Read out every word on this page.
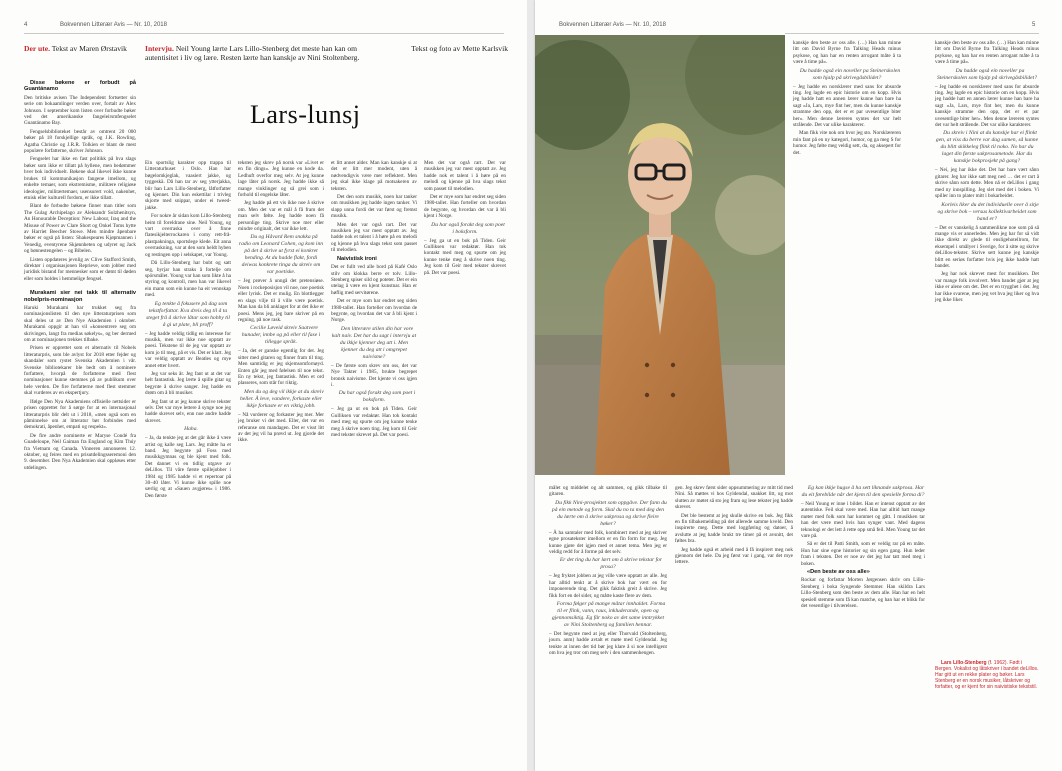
4	Bokvennen Litterær Avis — Nr. 10, 2018
Der ute. Tekst av Maren Ørstavik	Intervju. Neil Young lærte Lars Lillo-Stenberg det meste han kan om autentisitet i liv og lære. Resten lærte han kanskje av Nini Stoltenberg.
Tekst og foto av Mette Karlsvik
Lars-lunsj

Disse bøkene er forbudt på Guantánamo

Den britiske avisen The Independent fortsetter sin serie om bokaamlinger verden over, fortalt av Alex Johnson. I september kom listen over forbudte bøker ved det amerikanske fangeleirsmfengselet Guantánamo Bay.

Fengselsbiblioteket består av omtrent 20 000 bøker på 18 forskjellige språk, og J.K. Rowling, Agatha Christie og J.R.R. Tolkien er blant de mest populære forfatterne, skriver Johnson.

Fengselet har ikke en fast politikk på hva slags bøker som ikke er tillatt på hyllene, men bedømmer hver bok individuelt. Bøkene skal likevel ikke kunne brukes til kommunikasjon fangene imellom, og enkelte temaer, som ekstremisme, militære religiøse ideologier, militærtemaer, usensurert vold, nakenhet, etnisk eller kulturell fordom, er ikke tillatt.

Blant de forbudte bøkene finner man titler som The Gulag Archipelago av Aleksandr Solzhenitsyn, An Honourable Deception: New Labour, Iraq and the Misuse of Power av Clare Short og Onkel Toms hytte av Harriet Beecher Stowe. Men mindre åpenbare bøker er også på listen: Shakespeares Kjøpmannen i Venedig, eventyrene Skjønnheten og udyret og Jack og bønnestengelen – og Bibelen.

Listen oppdateres jevnlig av Clive Stafford Smith, direktør i organisasjonen Reprieve, som jobber med juridisk bistand for mennesker som er dømt til døden eller som holdes i hemmelige fengsel.

Murakami sier nei takk til alternativ nobelpris-nominasjon

Haruki Murakami har trukket seg fra nominasjonslisten til den nye litteraturprisen som skal deles ut av Den Nye Akademien i oktober. Murakami oppgir at han vil «konsentrere seg om skrivingen, langt fra medias søkelys», og ber dermed om at nominasjonen trekkes tilbake.

Prisen er opprettet som et alternativ til Nobels litteraturpris, som ble avlyst for 2018 etter fejder og skandaler som rystet Svenska Akademien i vår. Svenske bibliotekarer ble bedt om å nominere forfattere, hvorpå de forfatterne med flest nominasjoner kunne stemmes på av publikum over hele verden. De fire forfatterne med flest stemmer skal vurderes av en ekspertjury.

Ifølge Den Nya Akademiens offisielle nettsider er prisen opprettet for å sørge for at en internasjonal litteraturpris blir delt ut i 2018, «men også som en påminnelse om at litteratur bør forbindes med demokrati, åpenhet, empati og respekt».

De fire andre nominerte er Maryse Condé fra Guadeloupe, Neil Gaiman fra England og Kim Thúy fra Vietnam og Canada. Vinneren annonseres 12. oktober, og feires med en prisutdelingsseremoni den 9. desember. Den Nya Akademien skal oppløses etter utdelingen.

Ein sportslig karakter opp trappa til Litteraturhuset i Oslo. Han har bøgelomkjeglak, vaasiert jakke, og tyggeskä. Då han tar av seg ytterjakka, blir han Lars Lillo-Stenberg, låtforfatter og kjennet. Din kun eskettilar i trivleg skjorte med snippar, under ei tweed-jakke.

For nokre år sidan kom Lillo-Stenberg heim til foreldrane sine. Neil Young, og vart overraska over å finne flatesikjelterrockaren i comy rett-frå-plastpakninga, sportslege klede. Eit anna overraskning, var at den som heldt hyben og restingen opp i selskapet, var Young.

Då Lillo-Stenberg har bubt og satt seg, byrjar han straks å fortelje om spörsmålet. Young var han som likte å ha styring og kontroll, men han var likevel ein mann som ein kunne ha eit vennskap med.

Eg tenkte å fokusere på dag som tekstforfattar. Kva dreis deg til å ta steget frå å skrive låtar som hobby til å gi ut plate, bli proff?

– Jeg hadde veldig tidlig en interesse for musikk, men var ikke noe opptatt av poesi. Tekstene til de jeg var opptatt av kom jo til meg, på et vis. Det er klart. Jeg var veldig opptatt av Beatles og mye annet etter hvert.

Jeg var seks år. Jeg fant ut at det var helt fantastisk. Jeg lærte å spille gitar og begynte å skrive sanger. Jeg hadde en drøm om å bli musiker.

Jeg fant ut at jeg kunne skrive tekster selv. Det var mye lettere å synge noe jeg hadde skrevet selv, enn noe andre hadde skrevet.

Haha.

– Ja, da tenkte jeg at det går ikke å være artist og kalle seg Lars. Jeg måtte ha et band. Jeg begynte på Foss med musikkgymnas og ble kjent med folk. Det dannet vi en tidlig utgave av deLillos. Til våre første spillejobber i 1984 og 1985 hadde vi et repertoar på 30–40 låter. Vi kunne ikke spille noe særlig og at «Sauen avgjøres» i 1986. Den første

teksten jeg skrev på norsk var «Livet er en fin dings». Jeg kunne en kode da. Ledhuft overfor meg selv. At jeg kunne lage låter på norsk. Jeg hadde ikke så mange vinklinger og så grei som i forhold til engelske låter.

Jeg hadde på ett vis ikke noe å skrive om. Men det var et mål å få fram det man selv følte. Jeg hadde noen få personlige ting. Skrive noe mer eller mindre originalt, det var ikke lett.

Du og Håvard Rem snakka på radio om Leonard Cohen, og kom inn på det å skrive ut fyrst ei konkret hending. At du hadde flakt, fordi deiwas konkrete tinga du skreiv om var poetiske.

– Jeg prøver å unngå det pretensiøse. Noen i rockeposisjon vil noe, noe poetisk eller lyrisk. Det er mulig. En blottlegger en slags vilje til å ville være poetisk. Man kan da bli anklaget for at det ikke er poesi. Mens jeg, jeg bare skriver på en regning, på noe rask.

Cecilie Løveid skreiv Saatvere hunader, innbe og på eller til fase i tillegge språk.

– Ja, det er ganske egentlig for det. Jeg sitter med gitaren og finner fram til ting. Men samtidig er jeg skjemsomfornøyd. Enten går jeg med følelsen til noe tekst. En ny tekst, jeg fantastisk. Men et ord plasseres, som står for riktig.

Men du og deg vil ikkje at du skreiv heller. Å leve, vandere, forkaste eller ikkje forkaste er en viktig jobb.

– Nå vurderer og forkaster jeg mer. Mer jeg bruker vi det med. Eller, det var en referanse om mandagen. Det er visst litt av det jeg vil ha prøvd ut. Jeg gjorde det ikke.

et litt annet alder. Man kan kanskje si at det er litt mer modent, uten å nødvendigvis være mer reflektert. Men jeg skal ikke klage på motsakeren av teksten.

Det den som musikk, noen har tanker om musikken jeg hadde ingen tanker. Vi slapp unna fordi det var først og fremst musikk.

Men det var også rart. Det var musikken jeg var mest opptatt av. Jeg hadde nok et talent i å høre på en melodi og kjenne på hva slags tekst som passet til melodien.

Naivistisk ironi

Det er fullt ved alle bord på Kafé Oslo stilv om klokka berre er tolv. Lillo-Stenberg spiser sild og poteter. Det er ein utelag å være en kjent kunstnar. Han er høflig med servitørene.

Det er mye som har endret seg siden 1980-tallet. Han forteller om hvordan de begynte, og hvordan det var å bli kjent i Norge.

Den litterære stilen din har vore kalt naiv. Det har du sagt i intervju at du ikkje kjenner deg att i. Men kjenner du deg att i omgrepet naivisme?

– De første som skrev om oss, det var Nye Takter i 1985, brukte begrepet bronsk naivisme. Det kjente vi oss igjen i.

Du har også forakt deg som poet i boksform.

– Jeg ga ut en bok på Tiden. Geir Gulliksen var redaktør. Han tok kontakt med meg og spurte om jeg kunne tenke meg å skrive noen ting. Jeg kom til Geir med tekster skrevet på. Det var poesi.

Men det var også rart. Det var musikken jeg var mest opptatt av. Jeg hadde nok et talent i å høre på en melodi og kjenne på hva slags tekst som passet til melodien.

Det er mye som har endret seg siden 1980-tallet. Han forteller om hvordan de begynte, og hvordan det var å bli kjent i Norge.

Du har også forakt deg som poet i boksform.

– Jeg ga ut en bok på Tiden. Geir Gulliksen var redaktør. Han tok kontakt med meg og spurte om jeg kunne tenke meg å skrive noen ting. Jeg kom til Geir med tekster skrevet på. Det var poesi.

Bokvennen Litterær Avis — Nr. 10, 2018	5

kanskje den beste av oss alle. (…) Han kan minne litt om David Byrne fra Talking Heads minus psykose, og han har en renten arrogant måte å ta være å time på».

Du hadde også ein noveller pa Steinerskolen som hjalp på skrivegåsbilidet?

– Jeg hadde en norsklærer med sans for absurde ting. Jeg lagde en epic historie om en kopp. Hvis jeg hadde hatt en annen lærer kunne han bare ha sagt «Ja, Lars, mye fint her, men du kunne kanskje stramme den opp, det er et par uvesentlige biter her». Men denne læreren syntes det var helt strålende. Det var ulike karakterer.

Man fikk vite nok om hvor jeg sto. Norsklæreren min fant på en ny kategori, humor, og ga meg S for humor. Jeg følte meg veldig sett, da, og aksepert for det.

kanskje den beste av oss alle. (…) Han kan minne litt om David Byrne fra Talking Heads minus psykose, og han har en renten arrogant måte å ta være å time på».

Du hadde også ein noveller pa Steinerskolen som hjalp på skrivegåsbilidet?

– Jeg hadde en norsklærer med sans for absurde ting. Jeg lagde en epic historie om en kopp. Hvis jeg hadde hatt en annen lærer kunne han bare ha sagt «Ja, Lars, mye fint her, men du kunne kanskje stramme den opp, det er et par uvesentlige biter her». Men denne læreren syntes det var helt strålende. Det var ulike karakterer.

Du skreiv i Nini at du kanskje har ei flinkt gen, at viss du berre var dag samen, så kunne du blitt skikkeleg flink til noko. No har du laget din første sakprosametode. Har du kanskje bokprosjekt på gang?

– Nei, jeg har ikke det. Det har bare vært sånn gitarer. Jeg har ikke satt meg ned … det er rart å skrive sånn som dette. Men nå er deLillos i gang med ny innspilling. Jeg slet med det i boken. Vi spiller inn to plater mitt i bokarbeidet.

Korleis liker du det individuelle over å sitje og skrive bok – versus kollektivarbeidet som band er?

– Det er vanskelig å sammenlikne noe som på så mange vis er annerledes. Men jeg har for så vidt ikke direkt av glede til ensligehotellrom, for eksempel i smålyer i Sverige, for å sitte og skrive deLillos-tekster. Skrive sett kunne jeg kanskje blitt en seriøs forfatter hvis jeg ikke hadde hatt bandet.

Jeg har nok skrevet mest for musikken. Det var mange folk involvert. Men bandet gjør at jeg ikke er alene om det. Det er en trygghet i det. Jeg har ikke svarene, men jeg vet hva jeg liker og hva jeg ikke liker.

målet og middelet og alt sammen, og gikk tilbake til gitaren.

Du fikk Nini-prosjektet som oppgåve. Der fann du på ein metode og form. Skal du no ta med deg den du lærte om å skrive sakprosa og skrive fleire bøker?

– Å ha samtaler med folk, kombinert med at jeg skriver egne prosatekster imellom er en fin form for meg. Jeg kunne gjøre det igjen med et annet tema. Men jeg er veldig redd for å forme på det selv.

Er det ting du har lært om å skrive tekstar for prosa?

– Jeg fryktet jobben at jeg ville være opptatt av alle. Jeg har alltid tenkt at å skrive bok har vært en for imponerende ting. Det gikk faktisk greit å skrive. Jeg fikk fort en del sider, og måtte kaste flere av dem.

Forma følger på mange måtar innhaldet. Forma til er flink, vann, raus, inkluderande, open og gjennomsiktig. Eg får noko av det same inntrykket av Nini Stoltenberg og familien hennar.

– Det begynte med at jeg eller Thorvald (Stoltenberg, journ. anm) hadde avtalt et møte med Gyldendal. Jeg tenkte at innen det tid bør jeg klare å si noe intelligent om hva jeg tror om meg selv i den sammenhengen.

gen. Jeg skrev først sider oppsummering av mitt tid med Nini. Så møttes vi hos Gyldendal, snakket litt, og mot slutten av møtet så sto jeg fram og lese tekster jeg hadde skrevet.

Det ble bestemt at jeg skulle skrive en bok. Jeg fikk en fin tilbakemelding på det allerede samme kveld. Den inspirerte meg. Dette med loggføring og datoer, å avslutte at jeg hadde brukt tre timer på et avsnitt, det føltes bra.

Jeg hadde også et arbeid med å få inspirert meg nok gjennom det hele. Da jeg først var i gang, var det mye lettere.

Eg kan ikkje hugse å ha sett liknande sakprosa. Har du eit førebilde når det kjem til den spesielle forma di?

– Neil Young er inne i bildet. Han er intenst opptatt av det autentiske. Feil skal være med. Han har alltid hatt mange møter med folk som har kommet og gått. I musikken tar han det være med hvis han synger vant. Med dagens teknologi er det lett å rette opp små feil. Men Young tar det vare på.

Så er det til Patti Smith, som er veldig rar på en måte. Hun har sine egne historier og sin egen gang. Hun leder fram i teksten. Det er noe av det jeg har tatt med meg i boken.

«Den beste av oss alle»

Rockar og forfattar Morten Jørgensen skriv om Lillo-Stenberg i boka Syngende Stemmer. Han skildra Lars Lillo-Stenberg som den beste av dem alle. Han har en helt spesiell stemme som få kan matche, og han har et blikk for det vesentlige i tilværelsen.

Lars Lillo-Stenberg (f. 1962). Født i Bergen. Vokalist og låtskriver i bandet deLillos. Har gitt ut en rekke plater og bøker. Lars Stenberg er en norsk musiker, låtskriver og forfatter, og er kjent for sin naivistiske tekststil.
